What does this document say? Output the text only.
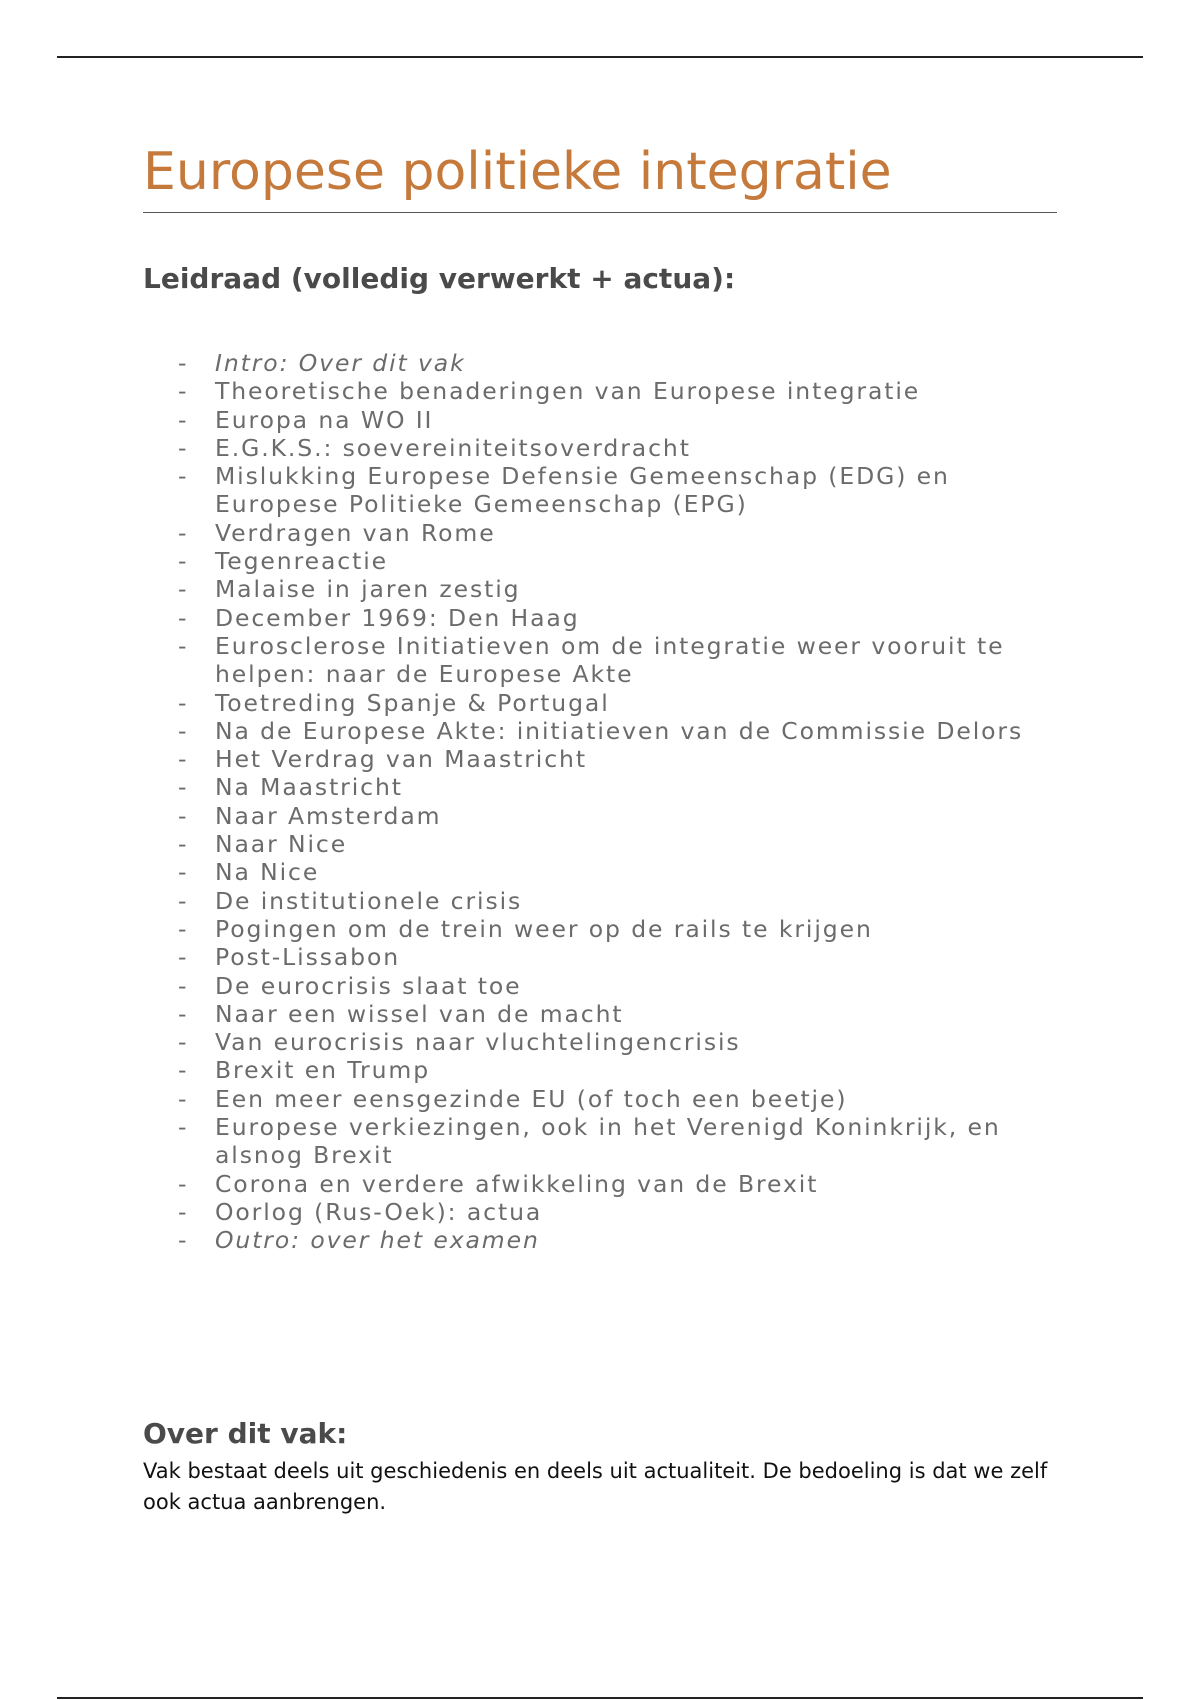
Europese politieke integratie
Leidraad (volledig verwerkt + actua):
- Intro: Over dit vak
- Theoretische benaderingen van Europese integratie
- Europa na WO II
- E.G.K.S.: soevereiniteitsoverdracht
- Mislukking Europese Defensie Gemeenschap (EDG) en Europese Politieke Gemeenschap (EPG)
- Verdragen van Rome
- Tegenreactie
- Malaise in jaren zestig
- December 1969: Den Haag
- Eurosclerose Initiatieven om de integratie weer vooruit te helpen: naar de Europese Akte
- Toetreding Spanje & Portugal
- Na de Europese Akte: initiatieven van de Commissie Delors
- Het Verdrag van Maastricht
- Na Maastricht
- Naar Amsterdam
- Naar Nice
- Na Nice
- De institutionele crisis
- Pogingen om de trein weer op de rails te krijgen
- Post-Lissabon
- De eurocrisis slaat toe
- Naar een wissel van de macht
- Van eurocrisis naar vluchtelingencrisis
- Brexit en Trump
- Een meer eensgezinde EU (of toch een beetje)
- Europese verkiezingen, ook in het Verenigd Koninkrijk, en alsnog Brexit
- Corona en verdere afwikkeling van de Brexit
- Oorlog (Rus-Oek): actua
- Outro: over het examen
Over dit vak:

Vak bestaat deels uit geschiedenis en deels uit actualiteit. De bedoeling is dat we zelf ook actua aanbrengen.
